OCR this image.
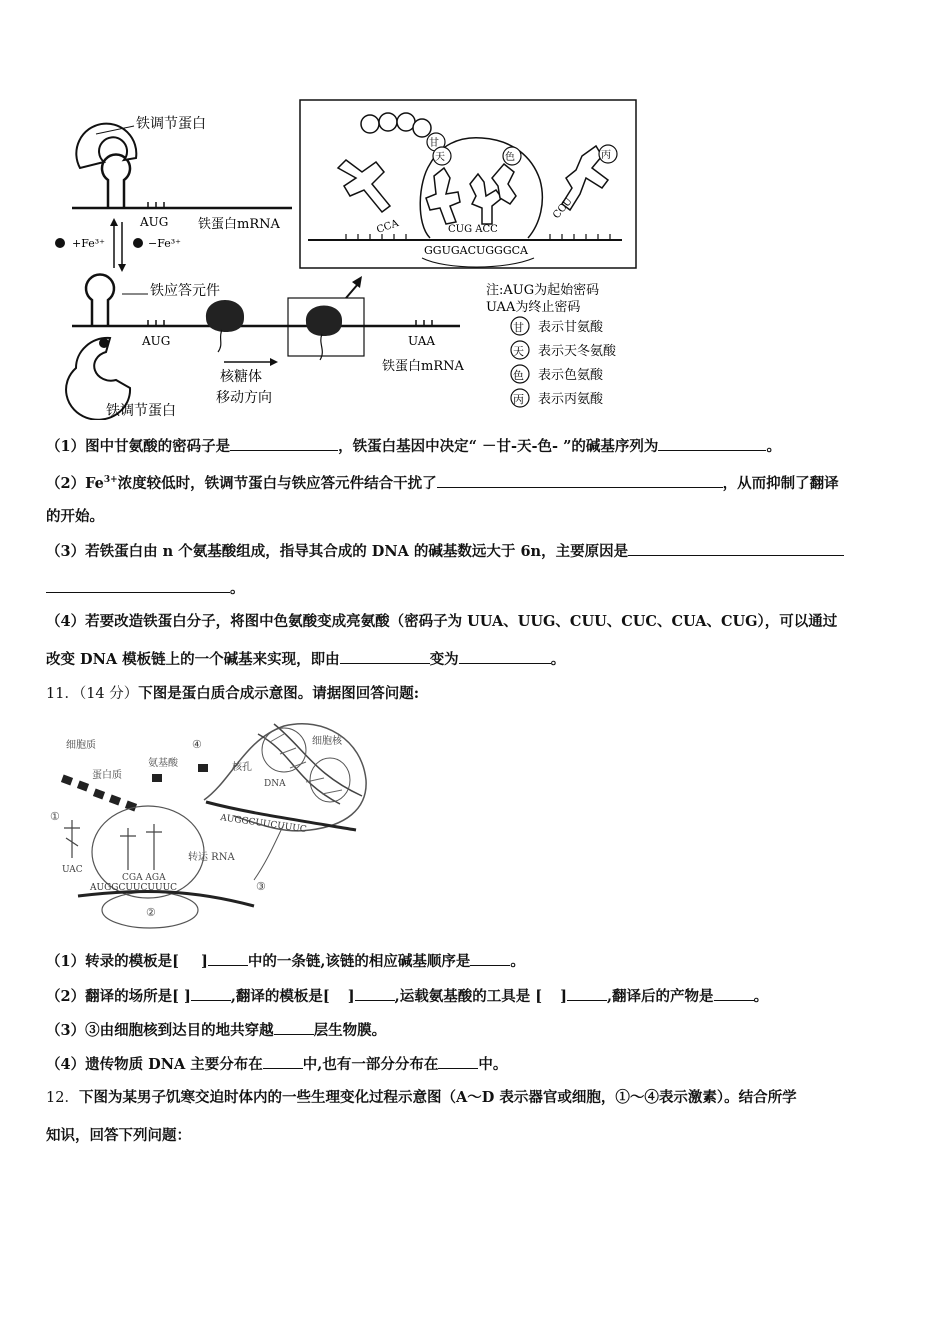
铁调节蛋白
AUG 铁蛋白mRNA
+Fe³⁺	−Fe³⁺
铁应答元件
AUG	UAA
铁蛋白mRNA
铁调节蛋白
核糖体
移动方向
CCA
CCU
甘
天	色	丙
CUG ACC
GGUGACUGGGCA
注:AUG为起始密码
UAA为终止密码
甘 表示甘氨酸
天 表示天冬氨酸
色 表示色氨酸
丙 表示丙氨酸
（1）图中甘氨酸的密码子是	，铁蛋白基因中决定“ －甘-天-色- ”的碱基序列为	。
$(2)Fe^{3+}$浓度较低时，铁调节蛋白与铁应答元件结合干扰了	，从而抑制了翻译
的开始。
（3）若铁蛋白由 n 个氨基酸组成，指导其合成的 DNA 的碱基数远大于 6n，主要原因是
。
（4）若要改造铁蛋白分子，将图中色氨酸变成亮氨酸（密码子为 UUA、UUG、CUU、CUC、CUA、CUG），可以通过
改变 DNA 模板链上的一个碱基来实现，即由	变为	。
11．（14 分）下图是蛋白质合成示意图。请据图回答问题:
细胞质	④	细胞核
核孔
DNA
AUGGCUUCUUUC
蛋白质
氨基酸
①
UAC
CGA AGA
转运 RNA
AUGGCUUCUUUC	③
②
（1）转录的模板是[ ]	中的一条链,该链的相应碱基顺序是	。
（2）翻译的场所是[ ]	,翻译的模板是[ ]	,运载氨基酸的工具是 [ ]	,翻译后的产物是	。
（3）③由细胞核到达目的地共穿越	层生物膜。
（4）遗传物质 DNA 主要分布在	中,也有一部分分布在	中。
12．下图为某男子饥寒交迫时体内的一些生理变化过程示意图（A～D 表示器官或细胞，①～④表示激素）。结合所学
知识，回答下列问题：
